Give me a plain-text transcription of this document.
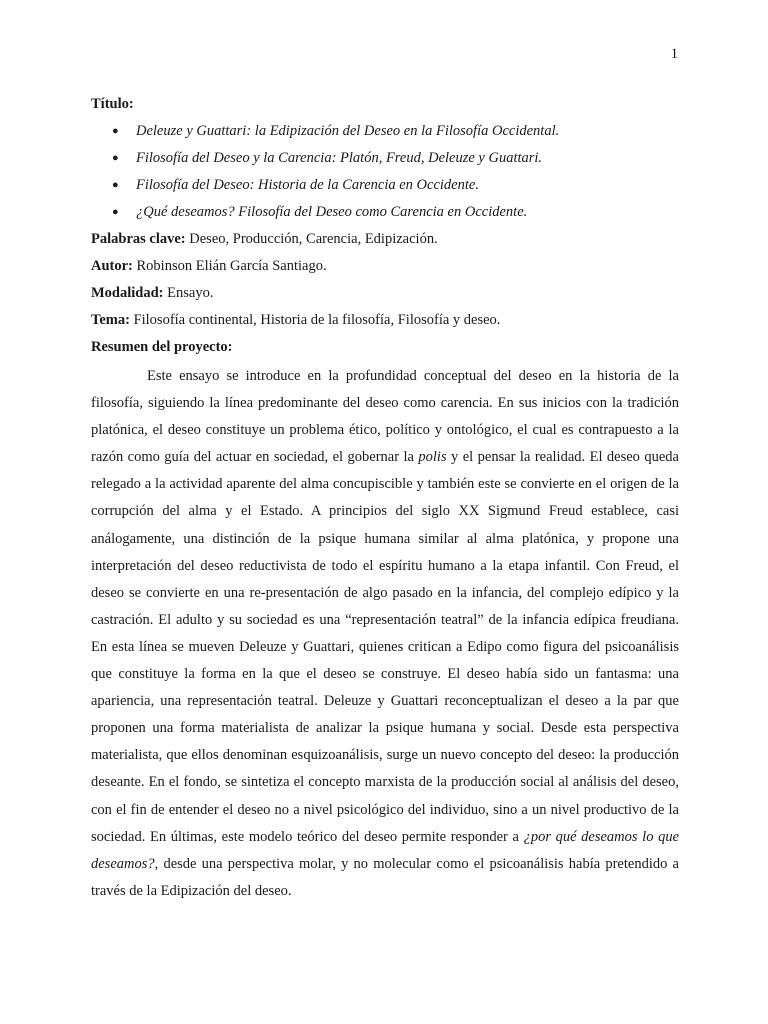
1
Título:
● Deleuze y Guattari: la Edipización del Deseo en la Filosofía Occidental.
● Filosofía del Deseo y la Carencia: Platón, Freud, Deleuze y Guattari.
● Filosofía del Deseo: Historia de la Carencia en Occidente.
● ¿Qué deseamos? Filosofía del Deseo como Carencia en Occidente.
Palabras clave: Deseo, Producción, Carencia, Edipización.
Autor: Robinson Elián García Santiago.
Modalidad: Ensayo.
Tema: Filosofía continental, Historia de la filosofía, Filosofía y deseo.
Resumen del proyecto:

Este ensayo se introduce en la profundidad conceptual del deseo en la historia de la filosofía, siguiendo la línea predominante del deseo como carencia. En sus inicios con la tradición platónica, el deseo constituye un problema ético, político y ontológico, el cual es contrapuesto a la razón como guía del actuar en sociedad, el gobernar la polis y el pensar la realidad. El deseo queda relegado a la actividad aparente del alma concupiscible y también este se convierte en el origen de la corrupción del alma y el Estado. A principios del siglo XX Sigmund Freud establece, casi análogamente, una distinción de la psique humana similar al alma platónica, y propone una interpretación del deseo reductivista de todo el espíritu humano a la etapa infantil. Con Freud, el deseo se convierte en una re-presentación de algo pasado en la infancia, del complejo edípico y la castración. El adulto y su sociedad es una “representación teatral” de la infancia edípica freudiana. En esta línea se mueven Deleuze y Guattari, quienes critican a Edipo como figura del psicoanálisis que constituye la forma en la que el deseo se construye. El deseo había sido un fantasma: una apariencia, una representación teatral. Deleuze y Guattari reconceptualizan el deseo a la par que proponen una forma materialista de analizar la psique humana y social. Desde esta perspectiva materialista, que ellos denominan esquizoanálisis, surge un nuevo concepto del deseo: la producción deseante. En el fondo, se sintetiza el concepto marxista de la producción social al análisis del deseo, con el fin de entender el deseo no a nivel psicológico del individuo, sino a un nivel productivo de la sociedad. En últimas, este modelo teórico del deseo permite responder a ¿por qué deseamos lo que deseamos?, desde una perspectiva molar, y no molecular como el psicoanálisis había pretendido a través de la Edipización del deseo.
